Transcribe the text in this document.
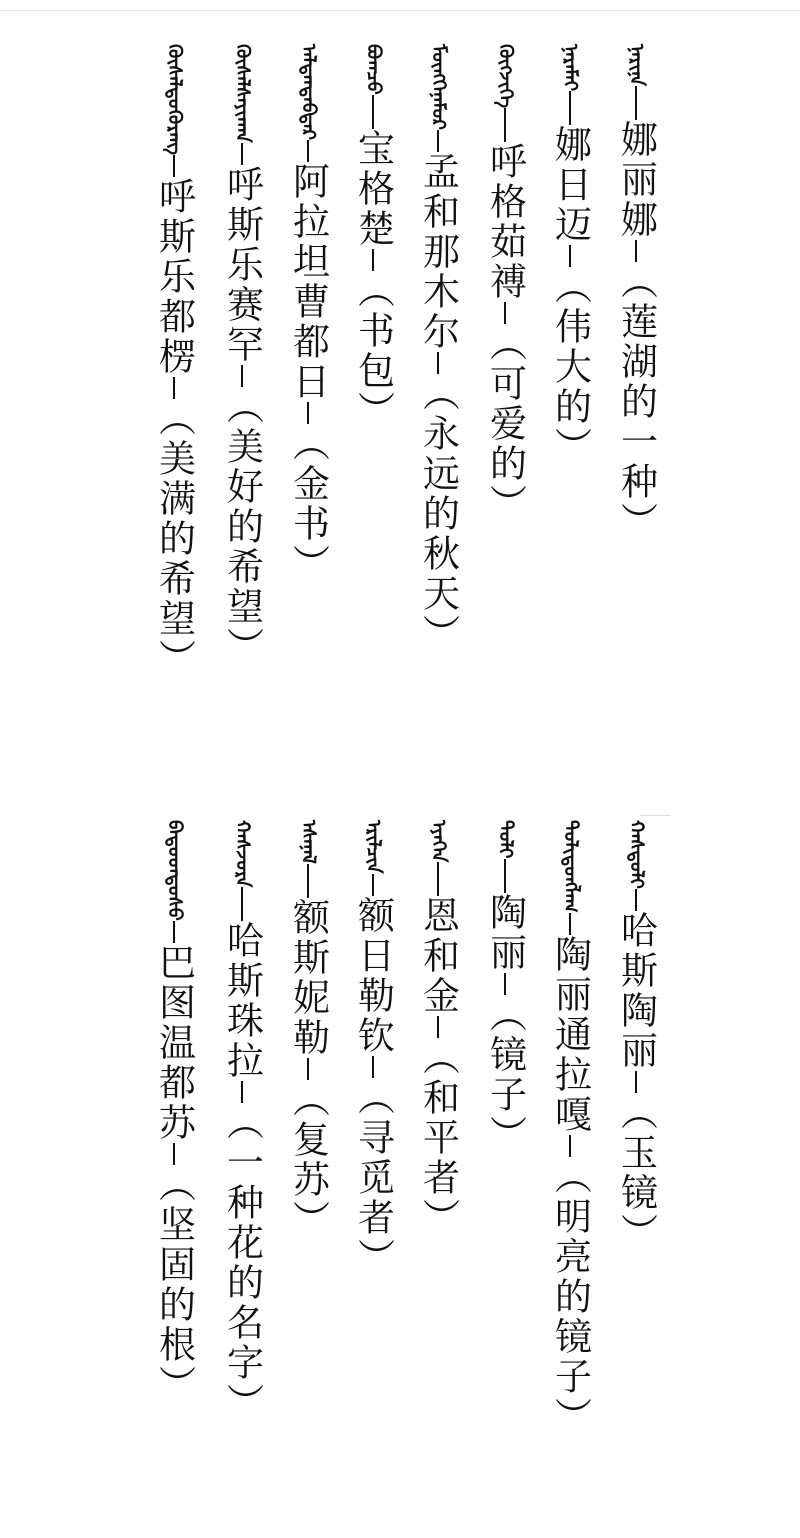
ᠨᠠᠷᠢᠨᠠ
娜丽娜
（莲湖的一种）
ᠨᠠᠷᠠᠮᠠᠢ
娜日迈
（伟大的）
ᠬᠥᠭᠵᠢᠭᠡ
呼格茹禣
（可爱的）
ᠮᠥᠩᠬᠡᠨᠠᠮᠤᠷ
孟和那木尔
（永远的秋天）
ᠪᠣᠭᠴᠣ
宝格楚
（书包）
ᠠᠯᠲᠠᠨᠳᠡᠪᠲᠡᠷ
阿拉坦曹都日
（金书）
ᠬᠦᠰᠡᠯᠰᠠᠶᠢᠬᠠᠨ
呼斯乐赛罕
（美好的希望）
ᠬᠦᠰᠡᠯᠳᠦᠭᠦᠷᠡᠩ
呼斯乐都楞
（美满的希望）
ᠬᠠᠰᠲᠣᠯᠢ
哈斯陶丽
（玉镜）
ᠲᠣᠯᠢᠲᠣᠩᠯᠠᠭ
陶丽通拉嘎
（明亮的镜子）
ᠲᠣᠯᠢ
陶丽
（镜子）
ᠡᠶᠡᠬᠡᠨ
恩和金
（和平者）
ᠡᠷᠢᠯᠴᠢᠨ
额日勒钦
（寻觅者）
ᠡᠰᠡᠨᠡᠯ
额斯妮勒
（复苏）
ᠬᠠᠰᠵᠤᠷᠠ
哈斯珠拉
（一种花的名字）
ᠪᠠᠲᠤᠦᠨᠳᠦᠰᠦ
巴图温都苏
（坚固的根）
